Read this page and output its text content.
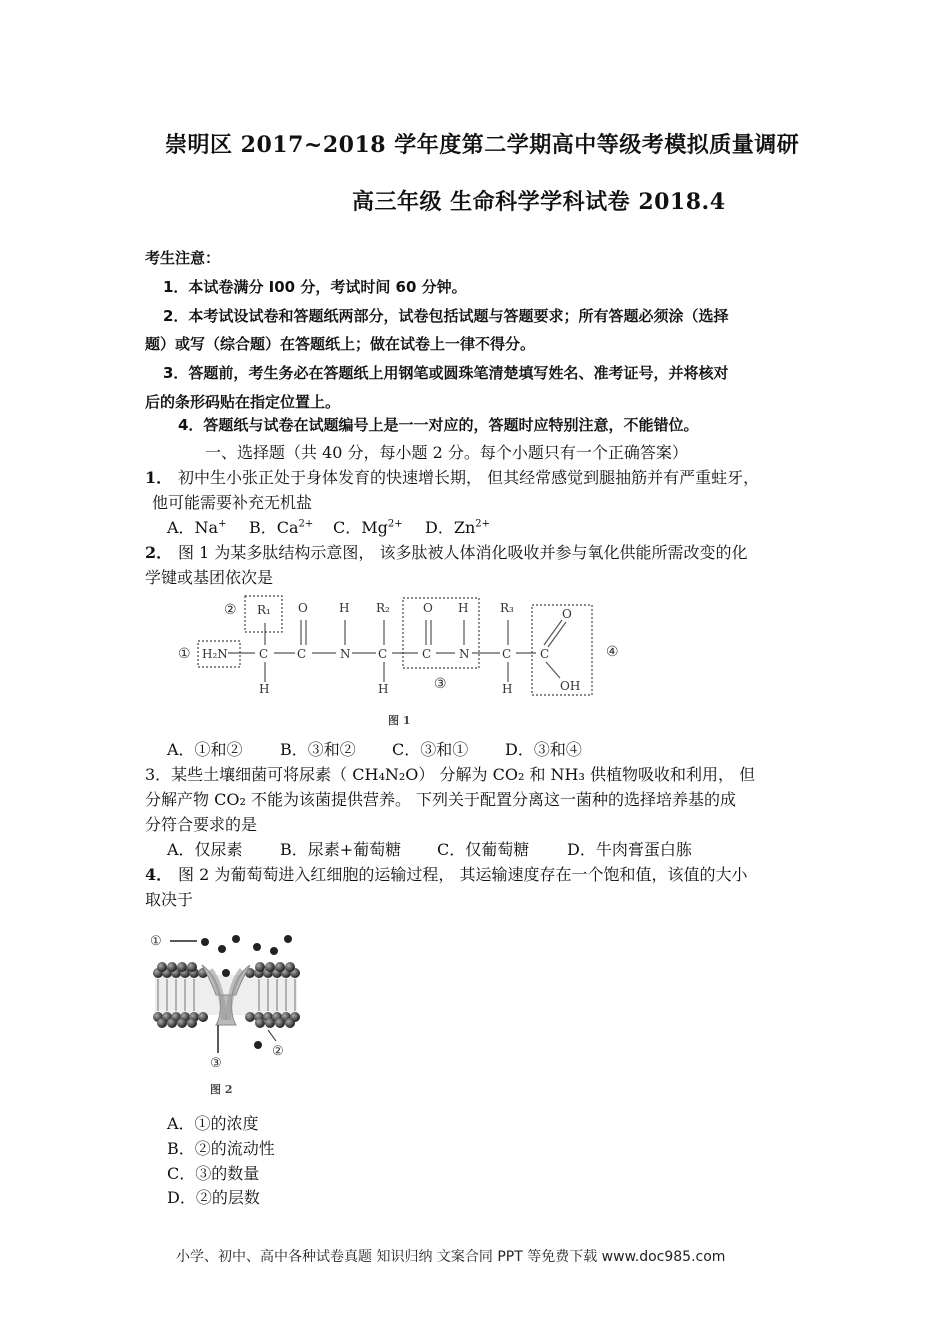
崇明区 2017~2018 学年度第二学期高中等级考模拟质量调研
高三年级 生命科学学科试卷 2018.4
考生注意：
1．本试卷满分 I00 分，考试时间 60 分钟。
2．本考试设试卷和答题纸两部分，试卷包括试题与答题要求；所有答题必须涂（选择
题）或写（综合题）在答题纸上；做在试卷上一律不得分。
3．答题前，考生务必在答题纸上用钢笔或圆珠笔清楚填写姓名、准考证号，并将核对
后的条形码贴在指定位置上。
4．答题纸与试卷在试题编号上是一一对应的，答题时应特别注意，不能错位。
一、选择题（共 40 分，每小题 2 分。每个小题只有一个正确答案）
1． 初中生小张正处于身体发育的快速增长期， 但其经常感觉到腿抽筋并有严重蛀牙，
他可能需要补充无机盐
A．Na+ B．$Ca^{2+}$ C．$Mg^{2+}$ D．$Zn^{2+}$
2． 图 1 为某多肽结构示意图， 该多肽被人体消化吸收并参与氧化供能所需改变的化
学键或基团依次是
H₂N	C C	N C	C N	C C
R₁ O	H R₂	O H	R₃	O
H	H	H	OH
①
②
③
④
图 1
A．①和② B．③和② C．③和① D．③和④
3．某些土壤细菌可将尿素（ CH₄N₂O） 分解为 CO₂ 和 NH₃ 供植物吸收和利用， 但
分解产物 CO₂ 不能为该菌提供营养。 下列关于配置分离这一菌种的选择培养基的成
分符合要求的是
A．仅尿素 B．尿素+葡萄糖 C．仅葡萄糖 D．牛肉膏蛋白胨
4． 图 2 为葡萄萄进入红细胞的运输过程， 其运输速度存在一个饱和值，该值的大小
取决于
①
③
②
图 2
A．①的浓度
B．②的流动性
C．③的数量
D．②的层数
小学、初中、高中各种试卷真题 知识归纳 文案合同 PPT 等免费下载 www.doc985.com
